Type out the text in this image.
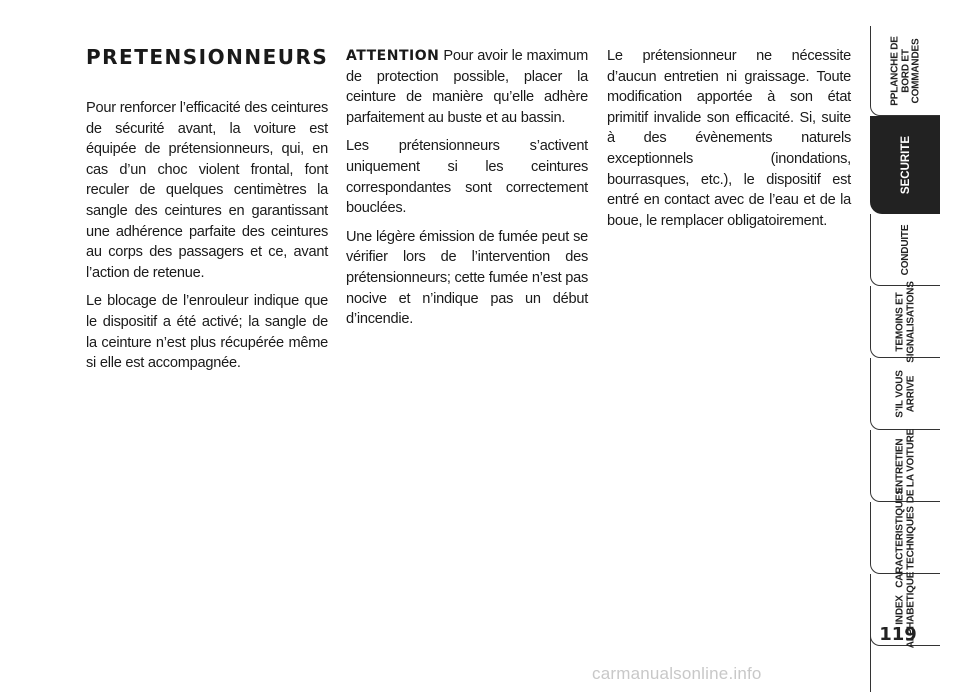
PRETENSIONNEURS

Pour renforcer l’efficacité des ceintures de sécurité avant, la voiture est équipée de prétensionneurs, qui, en cas d’un choc violent frontal, font reculer de quelques centimètres la sangle des ceintures en garantissant une adhérence parfaite des ceintures au corps des passagers et ce, avant l’action de retenue.

Le blocage de l’enrouleur indique que le dispositif a été activé; la sangle de la ceinture n’est plus récupérée même si elle est accompagnée.

ATTENTION Pour avoir le maximum de protection possible, placer la ceinture de manière qu’elle adhère parfaitement au buste et au bassin.

Les prétensionneurs s’activent uniquement si les ceintures correspondantes sont correctement bouclées.

Une légère émission de fumée peut se vérifier lors de l’intervention des prétensionneurs; cette fumée n’est pas nocive et n’indique pas un début d’incendie.

Le prétensionneur ne nécessite d’aucun entretien ni graissage. Toute modification apportée à son état primitif invalide son efficacité. Si, suite à des évènements naturels exceptionnels (inondations, bourrasques, etc.), le dispositif est entré en contact avec de l’eau et de la boue, le remplacer obligatoirement.

PPLANCHE DE
BORD ET
COMMANDES
SECURITE
CONDUITE
TEMOINS ET
SIGNALISATIONS
S’IL VOUS
ARRIVE
ENTRETIEN
DE LA VOITURE
CARACTERISTIQUES
TECHNIQUES
INDEX
ALPHABETIQUE
119
carmanualsonline.info
